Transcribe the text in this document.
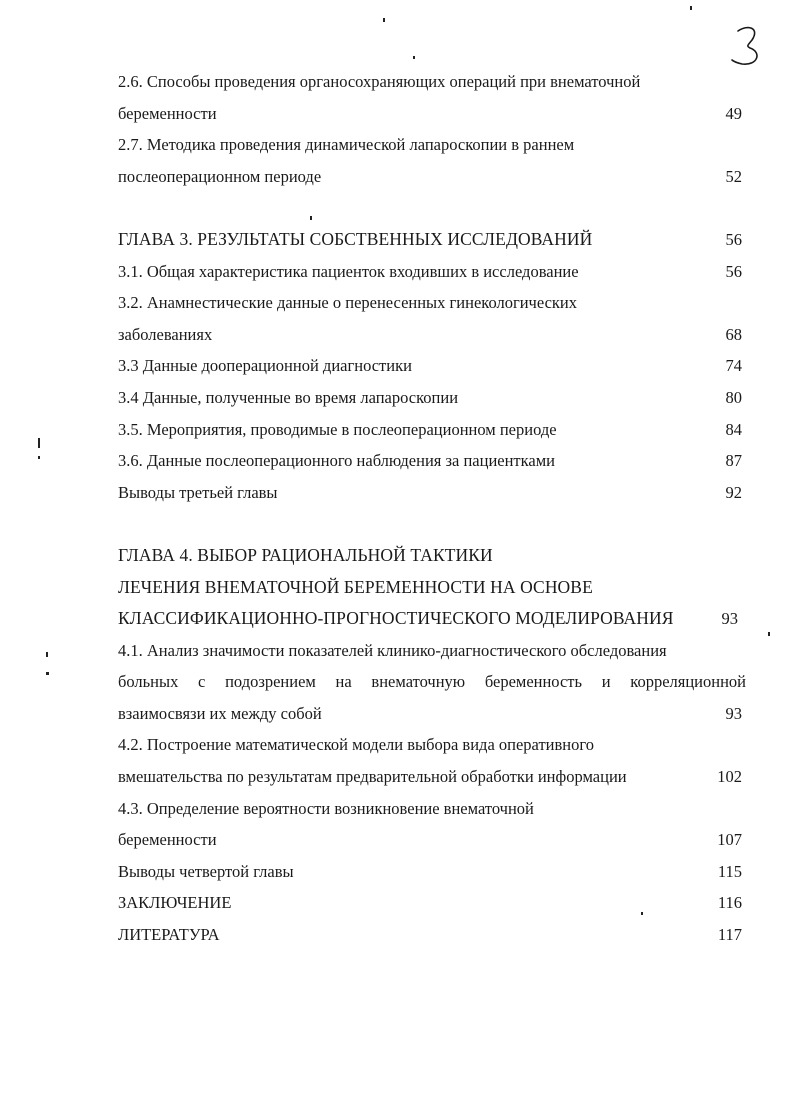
2.6. Способы проведения органосохраняющих операций при внематочной
беременности	49
2.7. Методика проведения динамической лапароскопии в раннем
послеоперационном периоде	52
ГЛАВА 3. РЕЗУЛЬТАТЫ СОБСТВЕННЫХ ИССЛЕДОВАНИЙ	56
3.1. Общая характеристика пациенток входивших в исследование	56
3.2. Анамнестические данные о перенесенных гинекологических
заболеваниях	68
3.3 Данные дооперационной диагностики	74
3.4 Данные, полученные во время лапароскопии	80
3.5. Мероприятия, проводимые в послеоперационном периоде	84
3.6. Данные послеоперационного наблюдения за пациентками	87
Выводы третьей главы	92
ГЛАВА 4. ВЫБОР РАЦИОНАЛЬНОЙ ТАКТИКИ
ЛЕЧЕНИЯ ВНЕМАТОЧНОЙ БЕРЕМЕННОСТИ НА ОСНОВЕ
КЛАССИФИКАЦИОННО-ПРОГНОСТИЧЕСКОГО МОДЕЛИРОВАНИЯ	93
4.1. Анализ значимости показателей клинико-диагностического обследования
больных с подозрением на внематочную беременность и корреляционной
взаимосвязи их между собой	93
4.2. Построение математической модели выбора вида оперативного
вмешательства по результатам предварительной обработки информации	102
4.3. Определение вероятности возникновение внематочной
беременности	107
Выводы четвертой главы	115
ЗАКЛЮЧЕНИЕ	116
ЛИТЕРАТУРА	117
